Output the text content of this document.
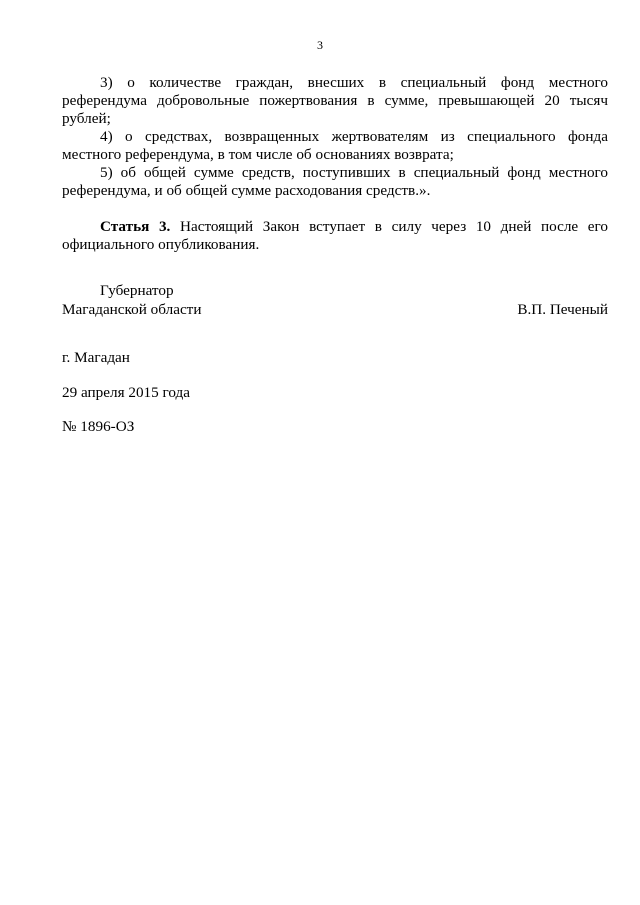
3

3) о количестве граждан, внесших в специальный фонд местного референдума добровольные пожертвования в сумме, превышающей 20 тысяч рублей;

4) о средствах, возвращенных жертвователям из специального фонда местного референдума, в том числе об основаниях возврата;

5) об общей сумме средств, поступивших в специальный фонд местного референдума, и об общей сумме расходования средств.».

Статья 3. Настоящий Закон вступает в силу через 10 дней после его официального опубликования.

Губернатор
Магаданской области	В.П. Печеный
г. Магадан
29 апреля 2015 года
№ 1896-ОЗ
